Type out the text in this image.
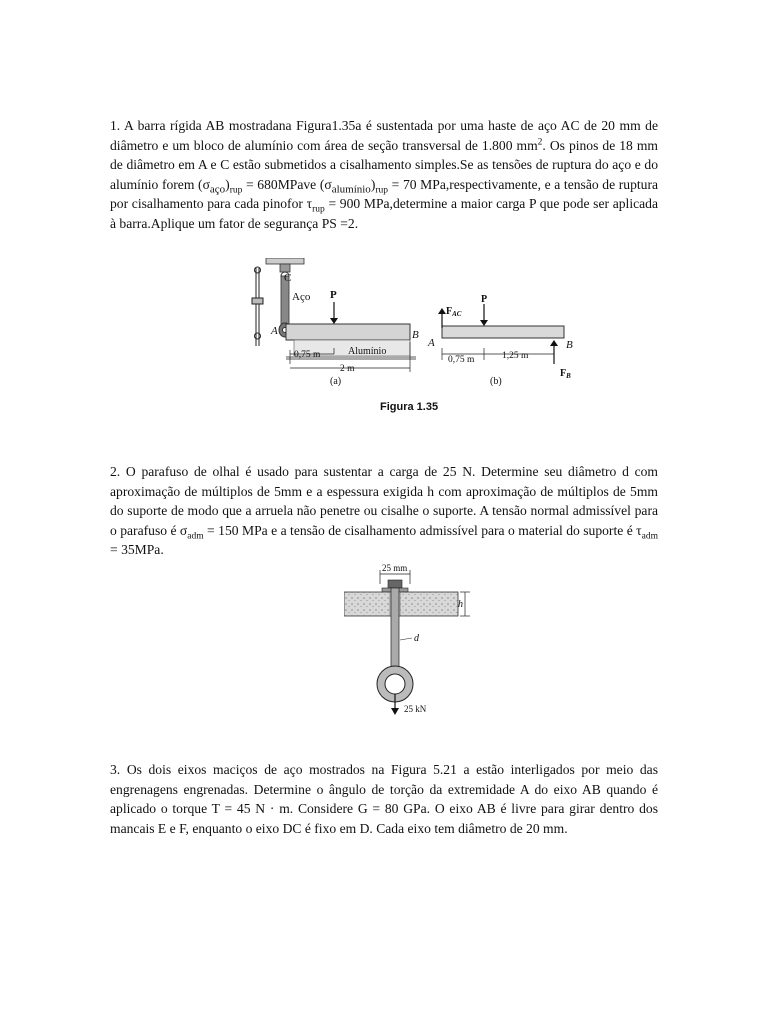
1. A barra rígida AB mostradana Figura1.35a é sustentada por uma haste de aço AC de 20 mm de diâmetro e um bloco de alumínio com área de seção transversal de 1.800 $mm^2$. Os pinos de 18 mm de diâmetro em A e C estão submetidos a cisalhamento simples.Se as tensões de ruptura do aço e do alumínio forem $(\sigma_{aço})_{rup}$ = 680MPave $(\sigma_{alumínio})_{rup} = 70$ MPa,respectivamente, e a tensão de ruptura por cisalhamento para cada pinofor $\tau_{rup} = 900$ MPa,determine a maior carga P que pode ser aplicada à barra.Aplique um fator de segurança PS =2.
C
Aço P
A	B
0,75 m	Alumínio
2 m
(a)
$F_{AC}$
P
A	B
$F_B$
0,75 m	1,25 m
(b)
Figura 1.35
2. O parafuso de olhal é usado para sustentar a carga de 25 N. Determine seu diâmetro d com aproximação de múltiplos de 5mm e a espessura exigida h com aproximação de múltiplos de 5mm do suporte de modo que a arruela não penetre ou cisalhe o suporte. A tensão normal admissível para o parafuso é $\sigma_{adm} = 150$ MPa e a tensão de cisalhamento admissível para o material do suporte é $\tau_{adm} = 35MPa$.
25 mm
h
d
25 kN
3. Os dois eixos maciços de aço mostrados na Figura 5.21 a estão interligados por meio das engrenagens engrenadas. Determine o ângulo de torção da extremidade A do eixo AB quando é aplicado o torque T = 45 N · m. Considere G = 80 GPa. O eixo AB é livre para girar dentro dos mancais E e F, enquanto o eixo DC é fixo em D. Cada eixo tem diâmetro de 20 mm.
